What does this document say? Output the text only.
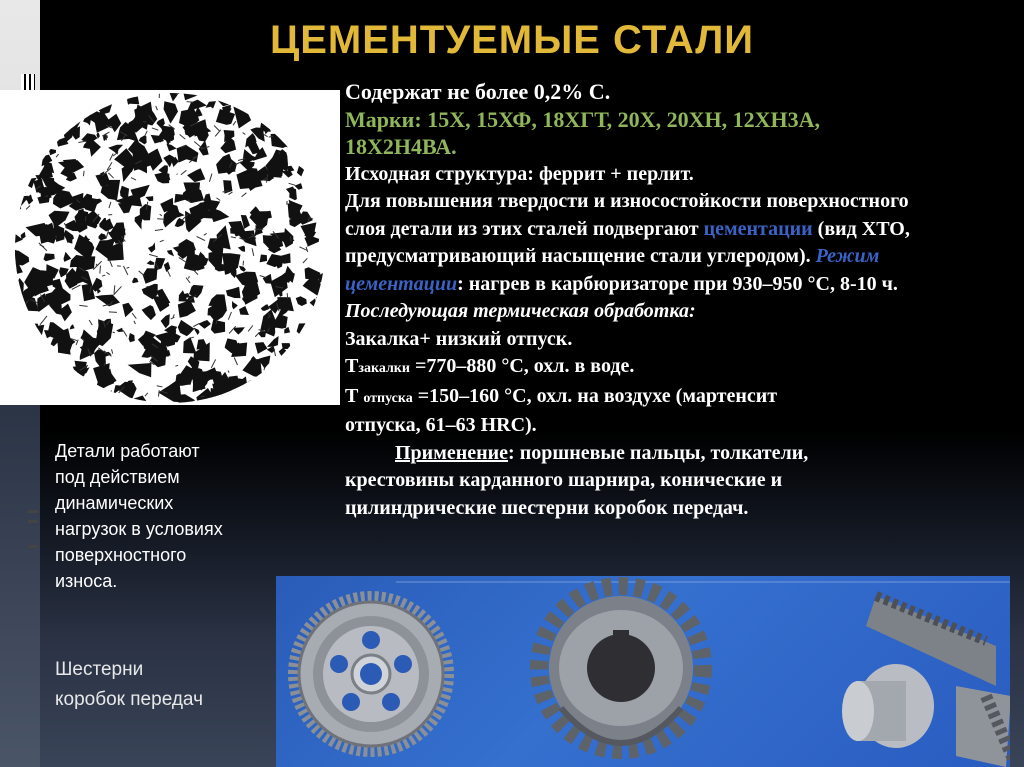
ЦЕМЕНТУЕМЫЕ СТАЛИ
Содержат не более 0,2% С.
Марки: 15Х, 15ХФ, 18ХГТ, 20Х, 20ХН, 12ХН3А,
18Х2Н4ВА.
Исходная структура: феррит + перлит.
Для повышения твердости и износостойкости поверхностного
слоя детали из этих сталей подвергают цементации (вид ХТО,
предусматривающий насыщение стали углеродом). Режим
цементации: нагрев в карбюризаторе при 930–950 °С, 8-10 ч.
Последующая термическая обработка:
Закалка+ низкий отпуск.
Тзакалки =770–880 °С, охл. в воде.
Т отпуска =150–160 °С, охл. на воздухе (мартенсит
отпуска, 61–63 HRC).
Применение: поршневые пальцы, толкатели,
крестовины карданного шарнира, конические и
цилиндрические шестерни коробок передач.
Детали работают
под действием
динамических
нагрузок в условиях
поверхностного
износа.
Шестерни
коробок передач
